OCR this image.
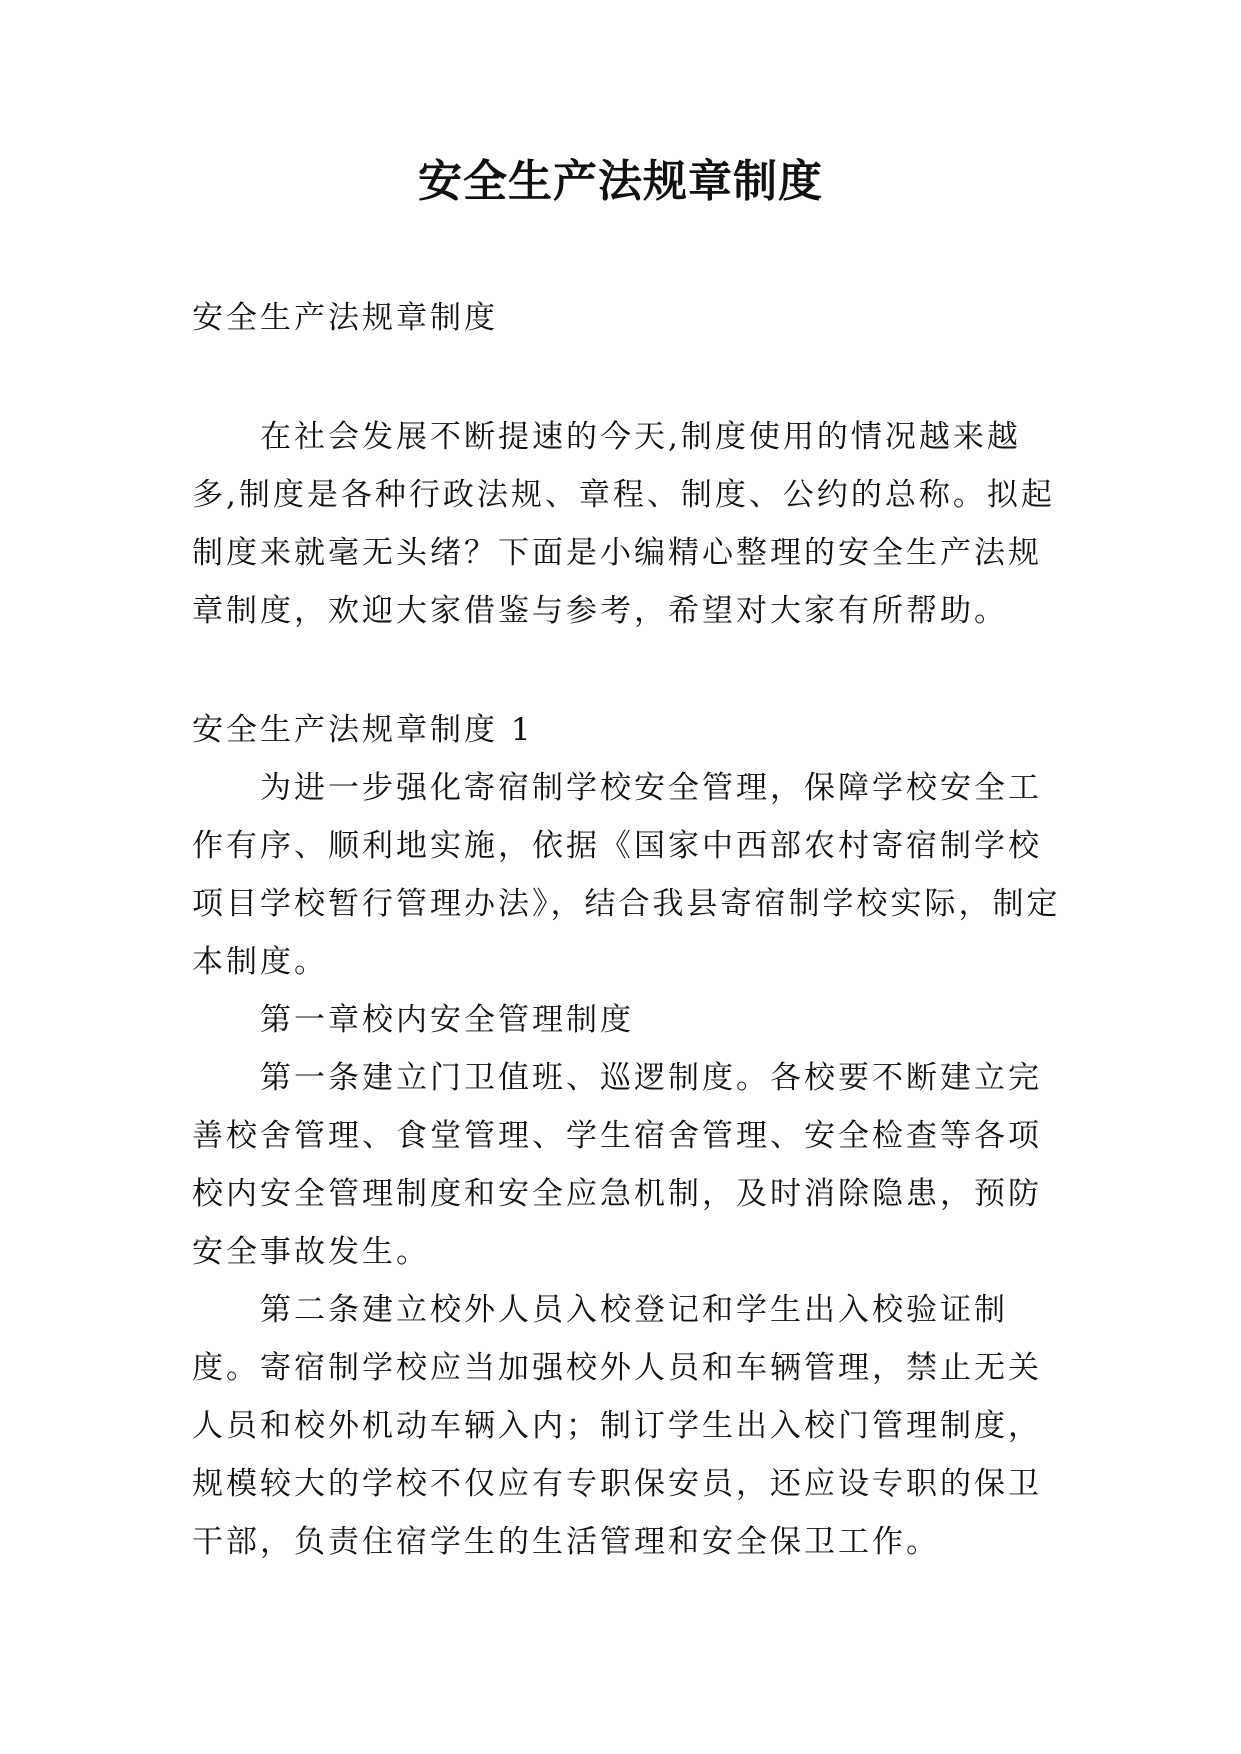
安全生产法规章制度

安全生产法规章制度

在社会发展不断提速的今天,制度使用的情况越来越多,制度是各种行政法规、章程、制度、公约的总称。拟起制度来就毫无头绪？下面是小编精心整理的安全生产法规章制度，欢迎大家借鉴与参考，希望对大家有所帮助。

安全生产法规章制度 1

为进一步强化寄宿制学校安全管理，保障学校安全工作有序、顺利地实施，依据《国家中西部农村寄宿制学校项目学校暂行管理办法》，结合我县寄宿制学校实际，制定本制度。

第一章校内安全管理制度

第一条建立门卫值班、巡逻制度。各校要不断建立完善校舍管理、食堂管理、学生宿舍管理、安全检查等各项校内安全管理制度和安全应急机制，及时消除隐患，预防安全事故发生。

第二条建立校外人员入校登记和学生出入校验证制度。寄宿制学校应当加强校外人员和车辆管理，禁止无关人员和校外机动车辆入内；制订学生出入校门管理制度，规模较大的学校不仅应有专职保安员，还应设专职的保卫干部，负责住宿学生的生活管理和安全保卫工作。
